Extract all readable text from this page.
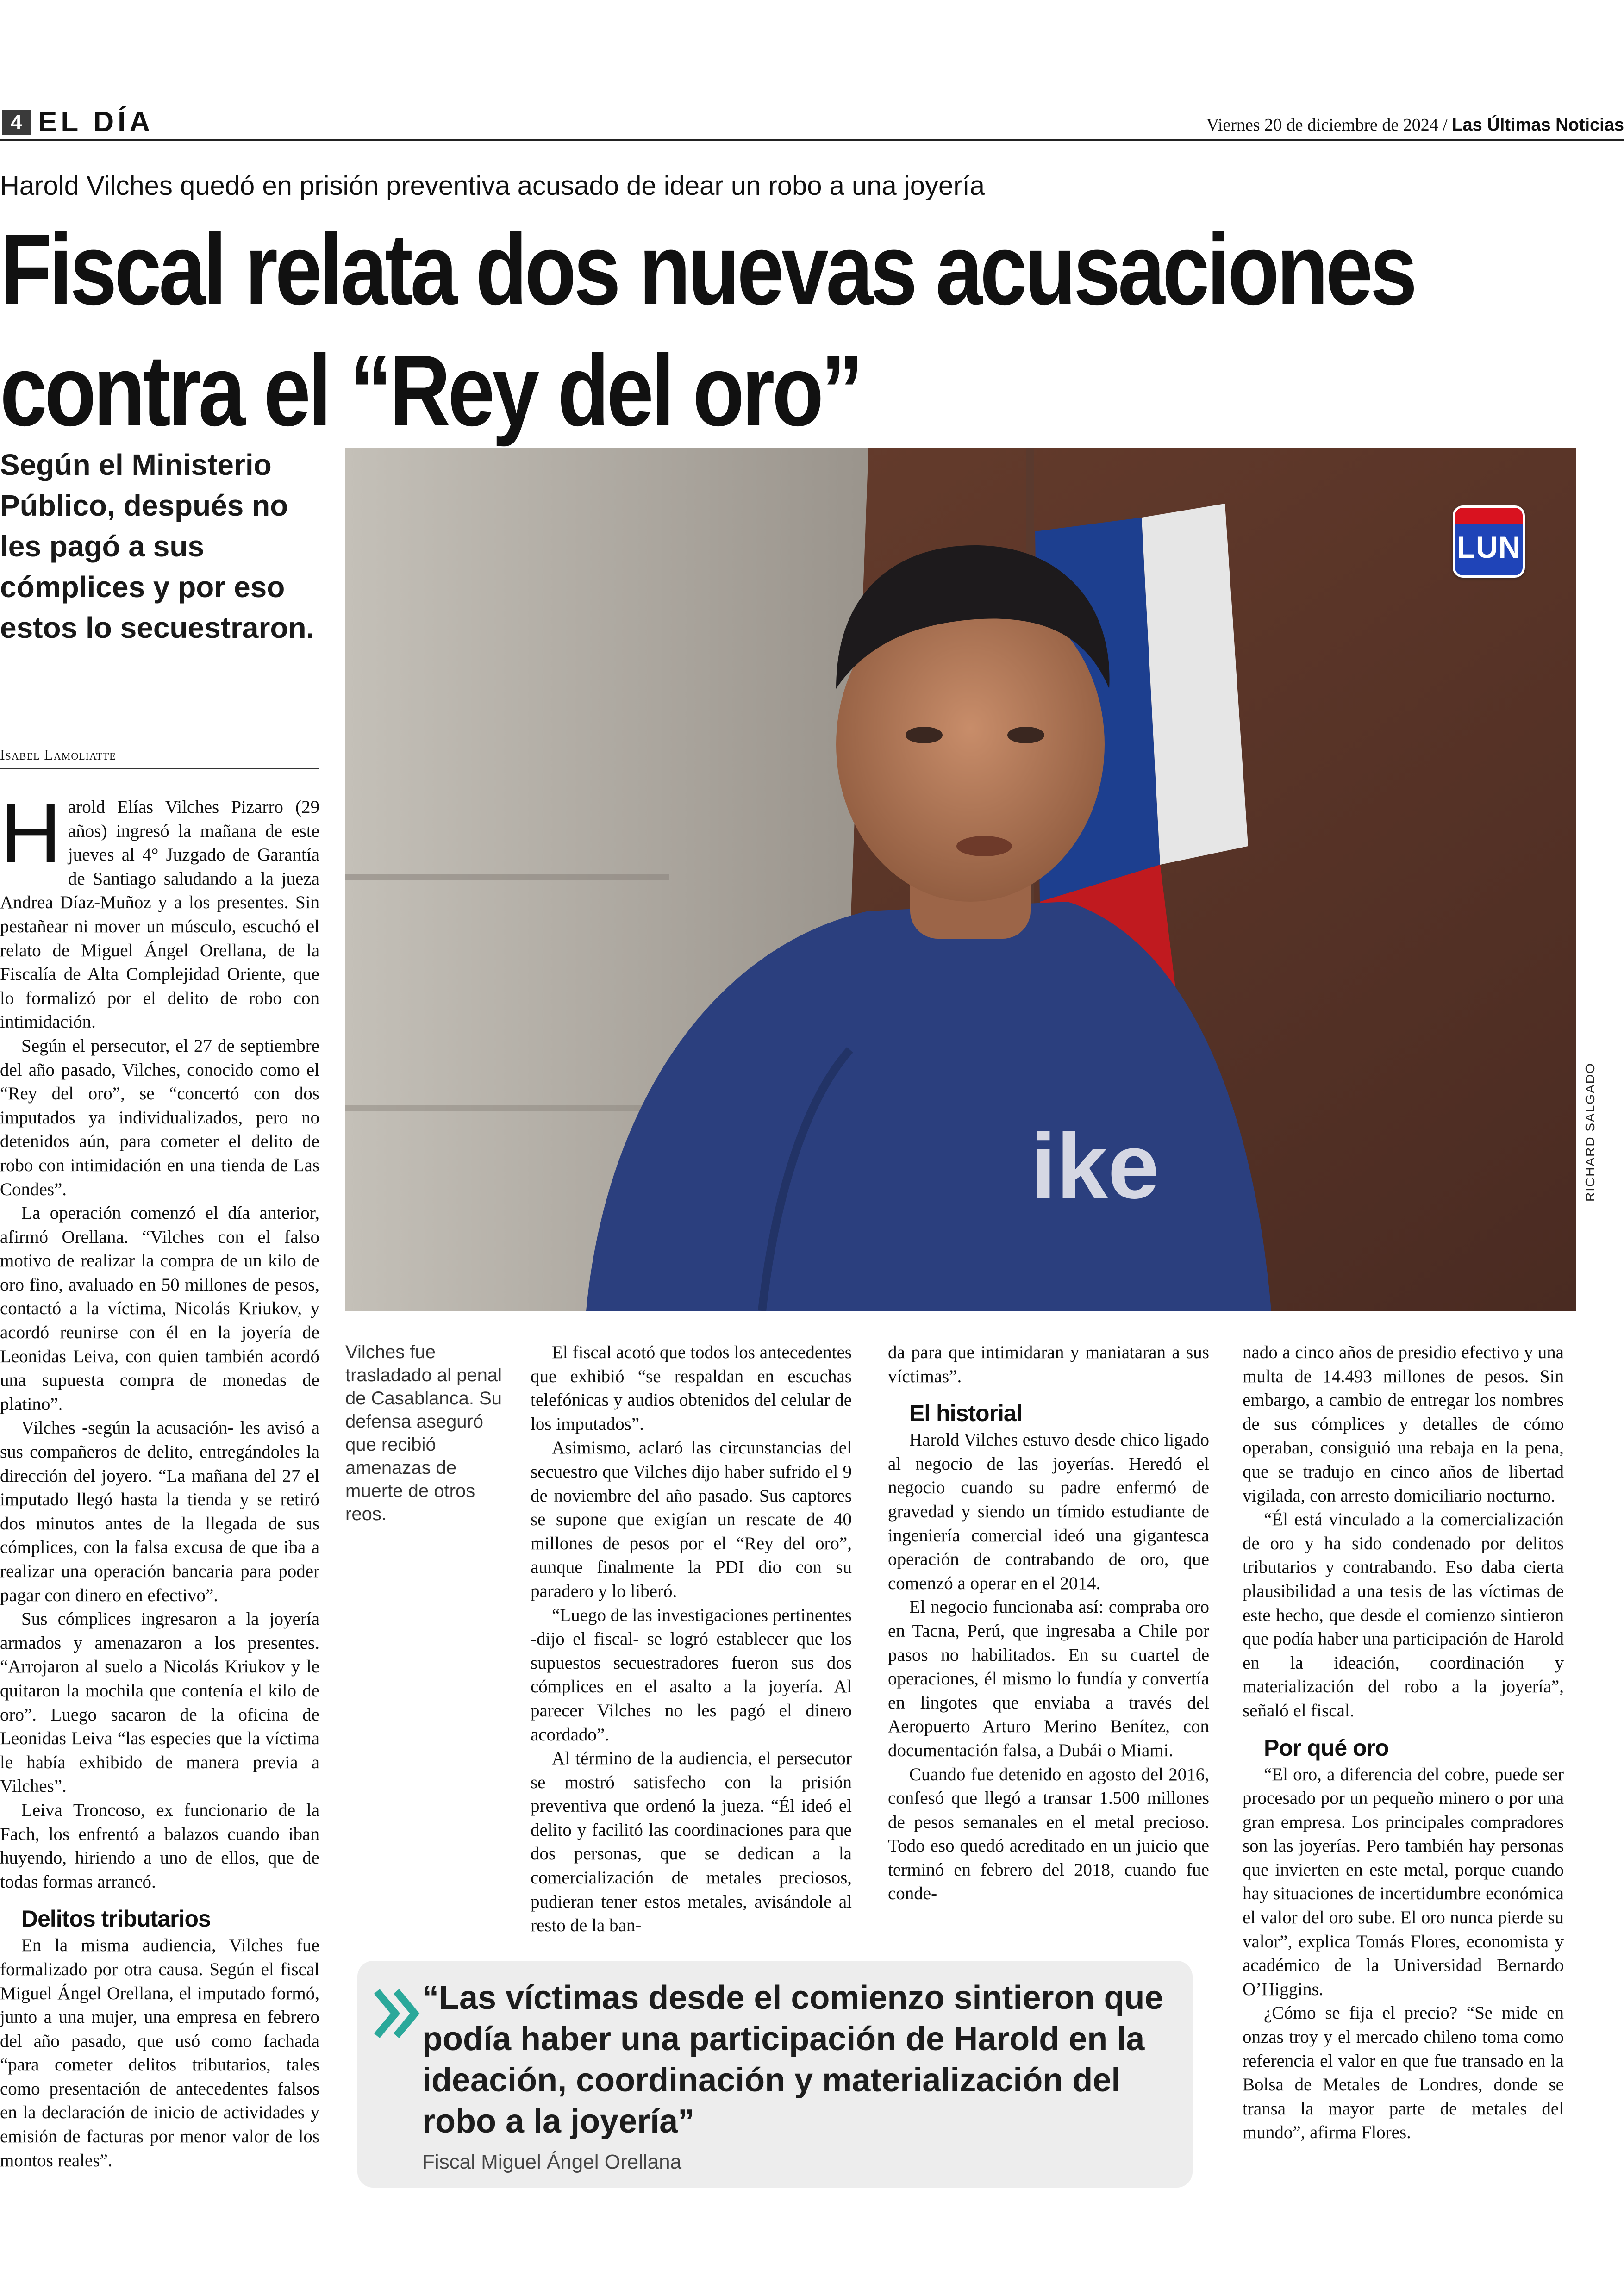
4 EL DÍA	Viernes 20 de diciembre de 2024 / Las Últimas Noticias
Harold Vilches quedó en prisión preventiva acusado de idear un robo a una joyería
Fiscal relata dos nuevas acusaciones
contra el “Rey del oro”
Según el Ministerio Público, después no les pagó a sus cómplices y por eso estos lo secuestraron.
Isabel Lamoliatte
ike
LUN
RICHARD SALGADO
Vilches fue trasladado al penal de Casablanca. Su defensa aseguró que recibió amenazas de muerte de otros reos.

Harold Elías Vilches Pizarro (29 años) ingresó la mañana de este jueves al 4° Juzgado de Garantía de Santiago saludando a la jueza Andrea Díaz-Muñoz y a los presentes. Sin pestañear ni mover un músculo, escuchó el relato de Miguel Ángel Orellana, de la Fiscalía de Alta Complejidad Oriente, que lo formalizó por el delito de robo con intimidación.

Según el persecutor, el 27 de septiembre del año pasado, Vilches, conocido como el “Rey del oro”, se “concertó con dos imputados ya individualizados, pero no detenidos aún, para cometer el delito de robo con intimidación en una tienda de Las Condes”.

La operación comenzó el día anterior, afirmó Orellana. “Vilches con el falso motivo de realizar la compra de un kilo de oro fino, avaluado en 50 millones de pesos, contactó a la víctima, Nicolás Kriukov, y acordó reunirse con él en la joyería de Leonidas Leiva, con quien también acordó una supuesta compra de monedas de platino”.

Vilches -según la acusación- les avisó a sus compañeros de delito, entregándoles la dirección del joyero. “La mañana del 27 el imputado llegó hasta la tienda y se retiró dos minutos antes de la llegada de sus cómplices, con la falsa excusa de que iba a realizar una operación bancaria para poder pagar con dinero en efectivo”.

Sus cómplices ingresaron a la joyería armados y amenazaron a los presentes. “Arrojaron al suelo a Nicolás Kriukov y le quitaron la mochila que contenía el kilo de oro”. Luego sacaron de la oficina de Leonidas Leiva “las especies que la víctima le había exhibido de manera previa a Vilches”.

Leiva Troncoso, ex funcionario de la Fach, los enfrentó a balazos cuando iban huyendo, hiriendo a uno de ellos, que de todas formas arrancó.

Delitos tributarios

En la misma audiencia, Vilches fue formalizado por otra causa. Según el fiscal Miguel Ángel Orellana, el imputado formó, junto a una mujer, una empresa en febrero del año pasado, que usó como fachada “para cometer delitos tributarios, tales como presentación de antecedentes falsos en la declaración de inicio de actividades y emisión de facturas por menor valor de los montos reales”.

El fiscal acotó que todos los antecedentes que exhibió “se respaldan en escuchas telefónicas y audios obtenidos del celular de los imputados”.

Asimismo, aclaró las circunstancias del secuestro que Vilches dijo haber sufrido el 9 de noviembre del año pasado. Sus captores se supone que exigían un rescate de 40 millones de pesos por el “Rey del oro”, aunque finalmente la PDI dio con su paradero y lo liberó.

“Luego de las investigaciones pertinentes -dijo el fiscal- se logró establecer que los supuestos secuestradores fueron sus dos cómplices en el asalto a la joyería. Al parecer Vilches no les pagó el dinero acordado”.

Al término de la audiencia, el persecutor se mostró satisfecho con la prisión preventiva que ordenó la jueza. “Él ideó el delito y facilitó las coordinaciones para que dos personas, que se dedican a la comercialización de metales preciosos, pudieran tener estos metales, avisándole al resto de la ban-

da para que intimidaran y maniataran a sus víctimas”.

El historial

Harold Vilches estuvo desde chico ligado al negocio de las joyerías. Heredó el negocio cuando su padre enfermó de gravedad y siendo un tímido estudiante de ingeniería comercial ideó una gigantesca operación de contrabando de oro, que comenzó a operar en el 2014.

El negocio funcionaba así: compraba oro en Tacna, Perú, que ingresaba a Chile por pasos no habilitados. En su cuartel de operaciones, él mismo lo fundía y convertía en lingotes que enviaba a través del Aeropuerto Arturo Merino Benítez, con documentación falsa, a Dubái o Miami.

Cuando fue detenido en agosto del 2016, confesó que llegó a transar 1.500 millones de pesos semanales en el metal precioso. Todo eso quedó acreditado en un juicio que terminó en febrero del 2018, cuando fue conde-

nado a cinco años de presidio efectivo y una multa de 14.493 millones de pesos. Sin embargo, a cambio de entregar los nombres de sus cómplices y detalles de cómo operaban, consiguió una rebaja en la pena, que se tradujo en cinco años de libertad vigilada, con arresto domiciliario nocturno.

“Él está vinculado a la comercialización de oro y ha sido condenado por delitos tributarios y contrabando. Eso daba cierta plausibilidad a una tesis de las víctimas de este hecho, que desde el comienzo sintieron que podía haber una participación de Harold en la ideación, coordinación y materialización del robo a la joyería”, señaló el fiscal.

Por qué oro

“El oro, a diferencia del cobre, puede ser procesado por un pequeño minero o por una gran empresa. Los principales compradores son las joyerías. Pero también hay personas que invierten en este metal, porque cuando hay situaciones de incertidumbre económica el valor del oro sube. El oro nunca pierde su valor”, explica Tomás Flores, economista y académico de la Universidad Bernardo O’Higgins.

¿Cómo se fija el precio? “Se mide en onzas troy y el mercado chileno toma como referencia el valor en que fue transado en la Bolsa de Metales de Londres, donde se transa la mayor parte de metales del mundo”, afirma Flores.

“Las víctimas desde el comienzo sintieron que podía haber una participación de Harold en la ideación, coordinación y materialización del robo a la joyería”
Fiscal Miguel Ángel Orellana
